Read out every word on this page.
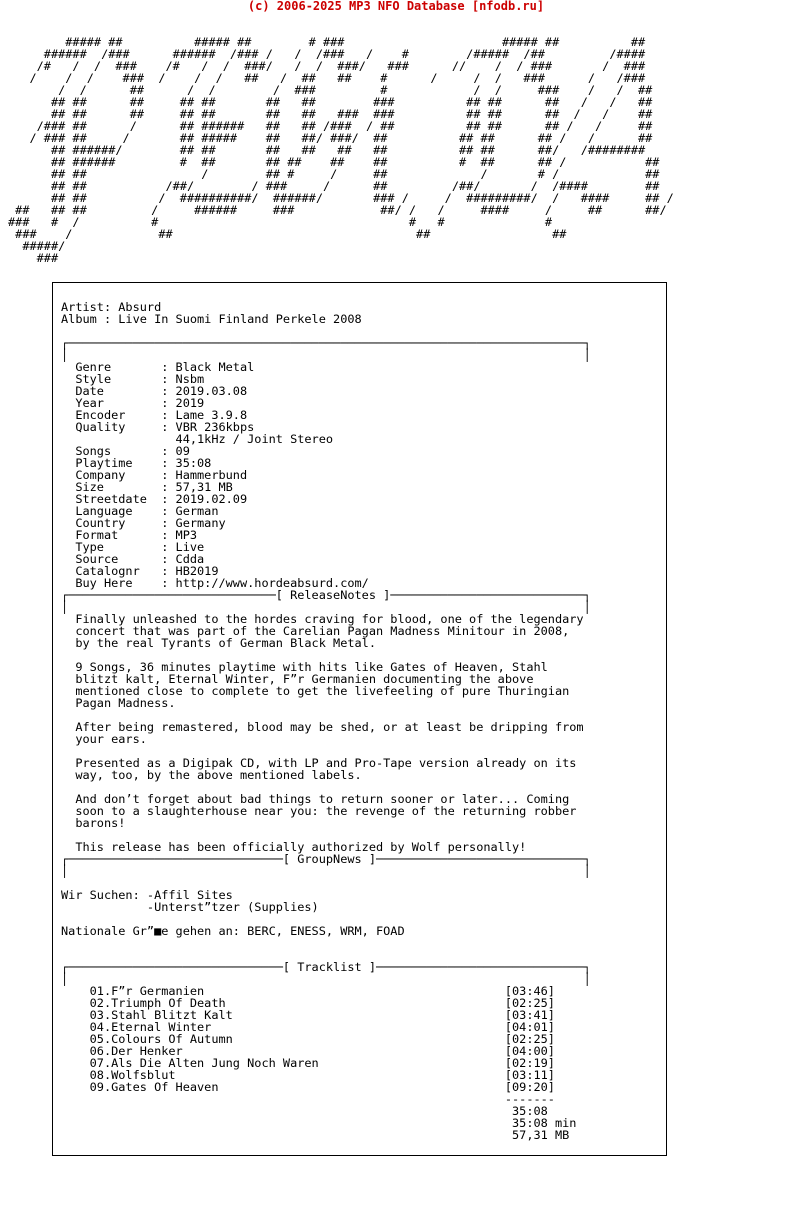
(c) 2006-2025 MP3 NFO Database [nfodb.ru]
##### ##          ##### ##        # ###                      ##### ##          ##
######  /###      ######  /### /   /  /###   /    #        /#####  /##         /####
/#   /  /  ###    /#   /  /  ###/   /  /  ###/   ###      //    /  / ###       /  ###
/    /  /    ###  /    /  /   ##   /  ##   ##    #      /     /  /   ###      /   /###
/  /      ##      /  /        /  ###         #            /  /     ###    /   /  ##
## ##      ##     ## ##       ##   ##        ###          ## ##      ##   /   /   ##
## ##      ##     ## ##       ##   ##   ###  ###          ## ##      ##  /   /    ##
/### ##      /      ## ######   ##   ## /###  / ##          ## ##      ## /   /     ##
/ ### ##     /       ## #####    ##   ##/ ###/  ##          ## ##      ## /   /      ##
## ######/        ## ##       ##   ##   ##   ##          ## ##      ##/   /########
## ######         #  ##       ## ##    ##    ##          #  ##      ## /           ##
## ##                /        ## #     /     ##             /       # /            ##
## ##           /##/        / ###     /      ##         /##/       /  /####        ##
## ##          /  ##########/  ######/       ### /     /  #########/  /   ####     ## /
##   ## ##         /     ######     ###            ##/ /   /     ####     /     ##      ##/
###   #  /          #                                   #   #              #
###    /            ##                                  ##                 ##
#####/
###
Artist: Absurd
Album : Live In Suomi Finland Perkele 2008

┌────────────────────────────────────────────────────────────────────────┐
│                                                                        │
Genre       : Black Metal
Style       : Nsbm
Date        : 2019.03.08
Year        : 2019
Encoder     : Lame 3.9.8
Quality     : VBR 236kbps
44,1kHz / Joint Stereo
Songs       : 09
Playtime    : 35:08
Company     : Hammerbund
Size        : 57,31 MB
Streetdate  : 2019.02.09
Language    : German
Country     : Germany
Format      : MP3
Type        : Live
Source      : Cdda
Catalognr   : HB2019
Buy Here    : http://www.hordeabsurd.com/
┌─────────────────────────────[ ReleaseNotes ]───────────────────────────┐
│                                                                        │
Finally unleashed to the hordes craving for blood, one of the legendary
concert that was part of the Carelian Pagan Madness Minitour in 2008,
by the real Tyrants of German Black Metal.

9 Songs, 36 minutes playtime with hits like Gates of Heaven, Stahl
blitzt kalt, Eternal Winter, F”r Germanien documenting the above
mentioned close to complete to get the livefeeling of pure Thuringian
Pagan Madness.

After being remastered, blood may be shed, or at least be dripping from
your ears.

Presented as a Digipak CD, with LP and Pro-Tape version already on its
way, too, by the above mentioned labels.

And don’t forget about bad things to return sooner or later... Coming
soon to a slaughterhouse near you: the revenge of the returning robber
barons!

This release has been officially authorized by Wolf personally!
┌──────────────────────────────[ GroupNews ]─────────────────────────────┐
│                                                                        │

Wir Suchen: -Affil Sites
-Unterst”tzer (Supplies)

Nationale Gr”■e gehen an: BERC, ENESS, WRM, FOAD

┌──────────────────────────────[ Tracklist ]─────────────────────────────┐
│                                                                        │
01.F”r Germanien                                          [03:46]
02.Triumph Of Death                                       [02:25]
03.Stahl Blitzt Kalt                                      [03:41]
04.Eternal Winter                                         [04:01]
05.Colours Of Autumn                                      [02:25]
06.Der Henker                                             [04:00]
07.Als Die Alten Jung Noch Waren                          [02:19]
08.Wolfsblut                                              [03:11]
09.Gates Of Heaven                                        [09:20]
-------
35:08
35:08 min
57,31 MB
